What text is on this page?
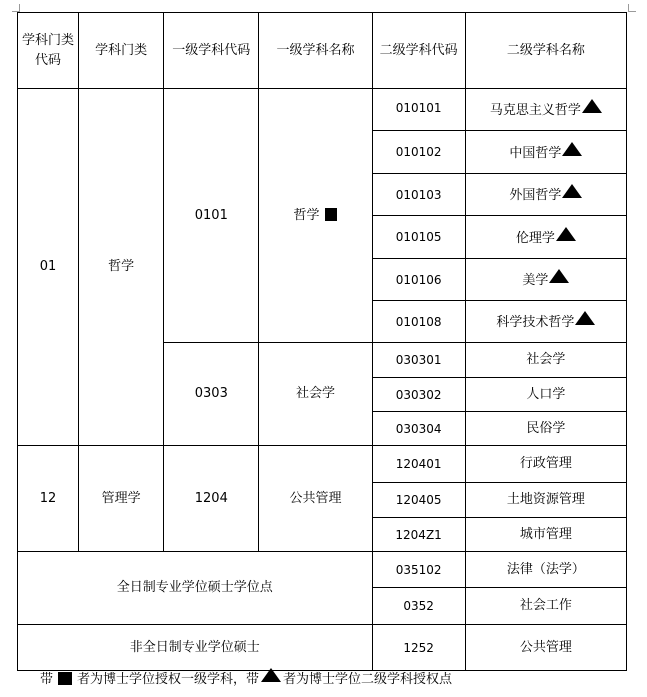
学科门类代码	学科门类	一级学科代码	一级学科名称	二级学科代码	二级学科名称
01	哲学	0101	哲学	010101	马克思主义哲学
				010102	中国哲学
				010103	外国哲学
				010105	伦理学
				010106	美学
				010108	科学技术哲学
		0303	社会学	030301	社会学
				030302	人口学
				030304	民俗学
12	管理学	1204	公共管理	120401	行政管理
				120405	土地资源管理
				1204Z1	城市管理
全日制专业学位硕士学位点				035102	法律（法学）
				0352	社会工作
非全日制专业学位硕士				1252	公共管理
带 者为博士学位授权一级学科，带 者为博士学位二级学科授权点
